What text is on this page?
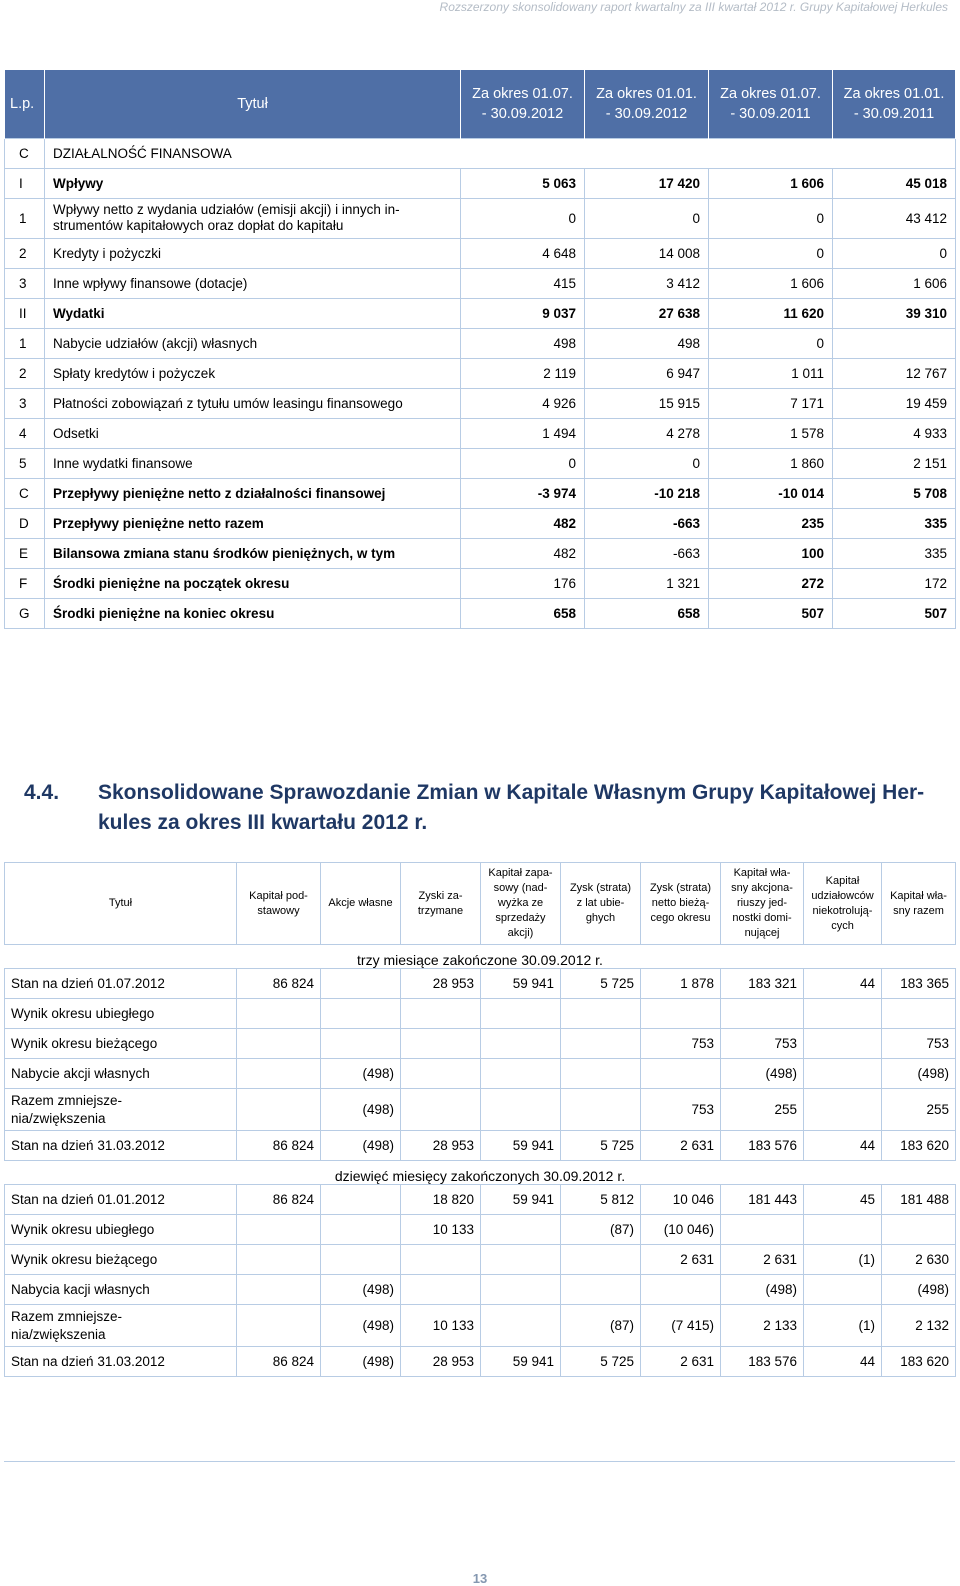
Rozszerzony skonsolidowany raport kwartalny za III kwartał 2012 r. Grupy Kapitałowej Herkules
L.p.	Tytuł	Za okres 01.07.
- 30.09.2012	Za okres 01.01.
- 30.09.2012	Za okres 01.07.
- 30.09.2011	Za okres 01.01.
- 30.09.2011
C	DZIAŁALNOŚĆ FINANSOWA				
I	Wpływy	5 063	17 420	1 606	45 018
1	Wpływy netto z wydania udziałów (emisji akcji) i innych in-
strumentów kapitałowych oraz dopłat do kapitału	0	0	0	43 412
2	Kredyty i pożyczki	4 648	14 008	0	0
3	Inne wpływy finansowe (dotacje)	415	3 412	1 606	1 606
II	Wydatki	9 037	27 638	11 620	39 310
1	Nabycie udziałów (akcji) własnych	498	498	0	
2	Spłaty kredytów i pożyczek	2 119	6 947	1 011	12 767
3	Płatności zobowiązań z tytułu umów leasingu finansowego	4 926	15 915	7 171	19 459
4	Odsetki	1 494	4 278	1 578	4 933
5	Inne wydatki finansowe	0	0	1 860	2 151
C	Przepływy pieniężne netto z działalności finansowej	-3 974	-10 218	-10 014	5 708
D	Przepływy pieniężne netto razem	482	-663	235	335
E	Bilansowa zmiana stanu środków pieniężnych, w tym	482	-663	100	335
F	Środki pieniężne na początek okresu	176	1 321	272	172
G	Środki pieniężne na koniec okresu	658	658	507	507
4.4. Skonsolidowane Sprawozdanie Zmian w Kapitale Własnym Grupy Kapitałowej Her-
kules za okres III kwartału 2012 r.
Tytuł	Kapitał pod-
stawowy	Akcje własne	Zyski za-
trzymane	Kapitał zapa-
sowy (nad-
wyżka ze
sprzedaży
akcji)	Zysk (strata)
z lat ubie-
ghych	Zysk (strata)
netto bieżą-
cego okresu	Kapitał wła-
sny akcjona-
riuszy jed-
nostki domi-
nującej	Kapitał
udziałowców
niekotrolują-
cych	Kapitał wła-
sny razem
trzy miesiące zakończone 30.09.2012 r.									
Stan na dzień 01.07.2012	86 824		28 953	59 941	5 725	1 878	183 321	44	183 365
Wynik okresu ubiegłego									
Wynik okresu bieżącego						753	753		753
Nabycie akcji własnych		(498)					(498)		(498)

Razem zmniejsze-
nia/zwiększenia		(498)				753	255		255
Stan na dzień 31.03.2012	86 824	(498)	28 953	59 941	5 725	2 631	183 576	44	183 620
dziewięć miesięcy zakończonych 30.09.2012 r.									
Stan na dzień 01.01.2012	86 824		18 820	59 941	5 812	10 046	181 443	45	181 488
Wynik okresu ubiegłego			10 133		(87)	(10 046)			
Wynik okresu bieżącego						2 631	2 631	(1)	2 630
Nabycia kacji własnych		(498)					(498)		(498)

Razem zmniejsze-
nia/zwiększenia		(498)	10 133		(87)	(7 415)	2 133	(1)	2 132
Stan na dzień 31.03.2012	86 824	(498)	28 953	59 941	5 725	2 631	183 576	44	183 620
13
